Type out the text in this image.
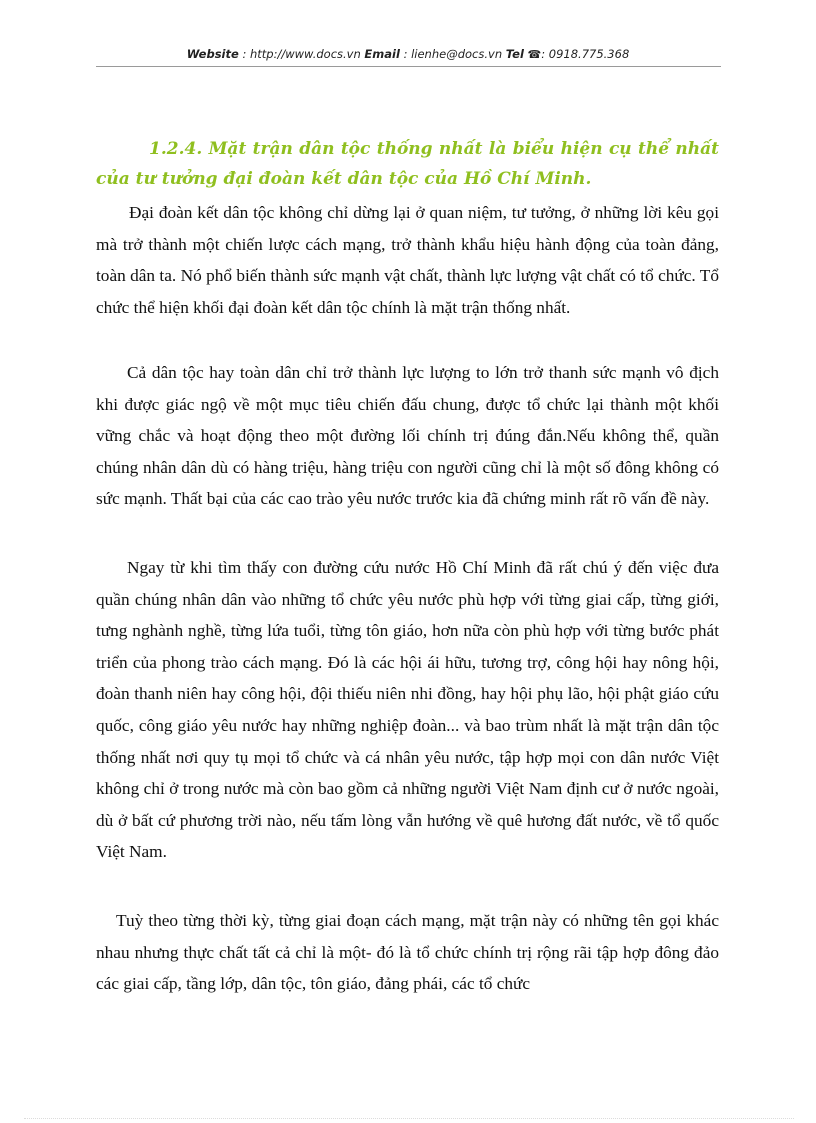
Website : http://www.docs.vn Email : lienhe@docs.vn Tel ☎: 0918.775.368
1.2.4. Mặt trận dân tộc thống nhất là biểu hiện cụ thể nhất của tư tưởng đại đoàn kết dân tộc của Hồ Chí Minh.
Đại đoàn kết dân tộc không chỉ dừng lại ở quan niệm, tư tưởng, ở những lời kêu gọi mà trở thành một chiến lược cách mạng, trở thành khẩu hiệu hành động của toàn đảng, toàn dân ta. Nó phổ biến thành sức mạnh vật chất, thành lực lượng vật chất có tổ chức. Tổ chức thể hiện khối đại đoàn kết dân tộc chính là mặt trận thống nhất.
Cả dân tộc hay toàn dân chỉ trở thành lực lượng to lớn trở thanh sức mạnh vô địch khi được giác ngộ về một mục tiêu chiến đấu chung, được tổ chức lại thành một khối vững chắc và hoạt động theo một đường lối chính trị đúng đắn.Nếu không thể, quần chúng nhân dân dù có hàng triệu, hàng triệu con người cũng chỉ là một số đông không có sức mạnh. Thất bại của các cao trào yêu nước trước kia đã chứng minh rất rõ vấn đề này.
Ngay từ khi tìm thấy con đường cứu nước Hồ Chí Minh đã rất chú ý đến việc đưa quần chúng nhân dân vào những tổ chức yêu nước phù hợp với từng giai cấp, từng giới, tưng nghành nghề, từng lứa tuổi, từng tôn giáo, hơn nữa còn phù hợp với từng bước phát triển của phong trào cách mạng. Đó là các hội ái hữu, tương trợ, công hội hay nông hội, đoàn thanh niên hay công hội, đội thiếu niên nhi đồng, hay hội phụ lão, hội phật giáo cứu quốc, công giáo yêu nước hay những nghiệp đoàn... và bao trùm nhất là mặt trận dân tộc thống nhất nơi quy tụ mọi tổ chức và cá nhân yêu nước, tập hợp mọi con dân nước Việt không chỉ ở trong nước mà còn bao gồm cả những người Việt Nam định cư ở nước ngoài, dù ở bất cứ phương trời nào, nếu tấm lòng vẫn hướng về quê hương đất nước, về tổ quốc Việt Nam.
Tuỳ theo từng thời kỳ, từng giai đoạn cách mạng, mặt trận này có những tên gọi khác nhau nhưng thực chất tất cả chỉ là một- đó là tổ chức chính trị rộng rãi tập hợp đông đảo các giai cấp, tầng lớp, dân tộc, tôn giáo, đảng phái, các tổ chức
